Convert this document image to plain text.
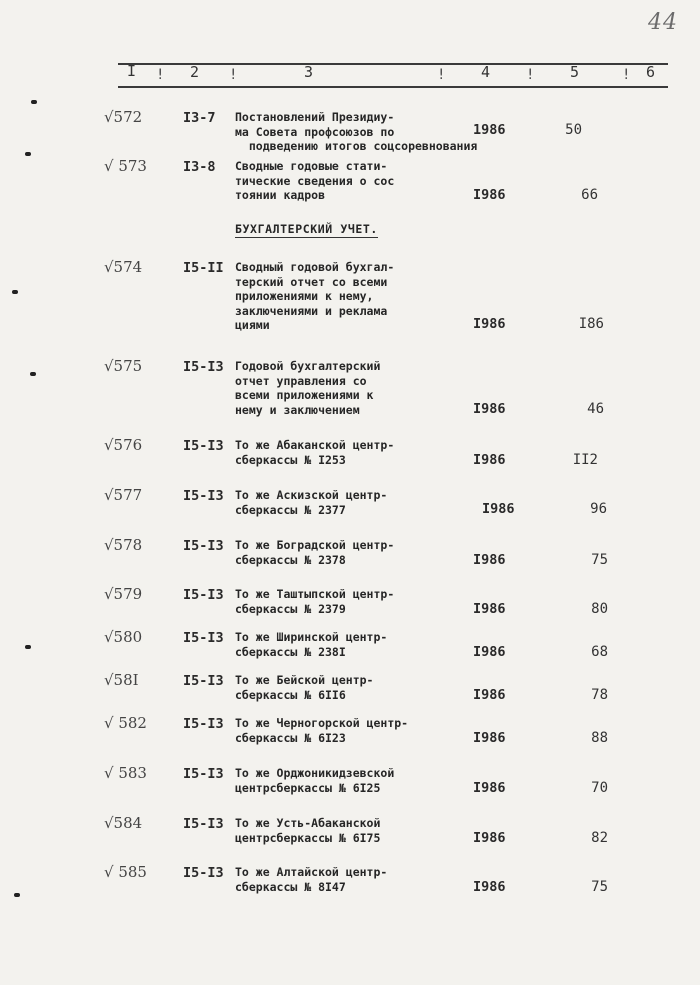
44
I ! 2 !	3	! 4	! 5	! 6
БУХГАЛТЕРСКИЙ УЧЕТ.
√572	I3-7 Постановлений Президиу-
ма Совета профсоюзов по
подведению итогов соцсоревнования
1986	50
√ 573	I3-8 Сводные годовые стати-
тические сведения о сос
тоянии кадров	I986	66
√574	I5-II Сводный годовой бухгал-
терский отчет со всеми
приложениями к нему,
заключениями и реклама
циями	I986	I86
√575	I5-I3 Годовой бухгалтерский
отчет управления со
всеми приложениями к
нему и заключением	I986	46
√576	I5-I3 То же Абаканской центр-
сберкассы № I253	I986	II2
√577	I5-I3 То же Аскизской центр-
сберкассы № 2377	I986	96
√578	I5-I3 То же Боградской центр-
сберкассы № 2378	I986	75
√579	I5-I3 То же Таштыпской центр-
сберкассы № 2379	I986	80
√580	I5-I3 То же Ширинской центр-
сберкассы № 238I	I986	68
√58I	I5-I3 То же Бейской центр-
сберкассы № 6II6	I986	78
√ 582	I5-I3 То же Черногорской центр-
сберкассы № 6I23	I986	88
√ 583	I5-I3 То же Орджоникидзевской
центрсберкассы № 6I25	I986	70
√584	I5-I3 То же Усть-Абаканской
центрсберкассы № 6I75	I986	82
√ 585	I5-I3 То же Алтайской центр-
сберкассы № 8I47	I986	75
